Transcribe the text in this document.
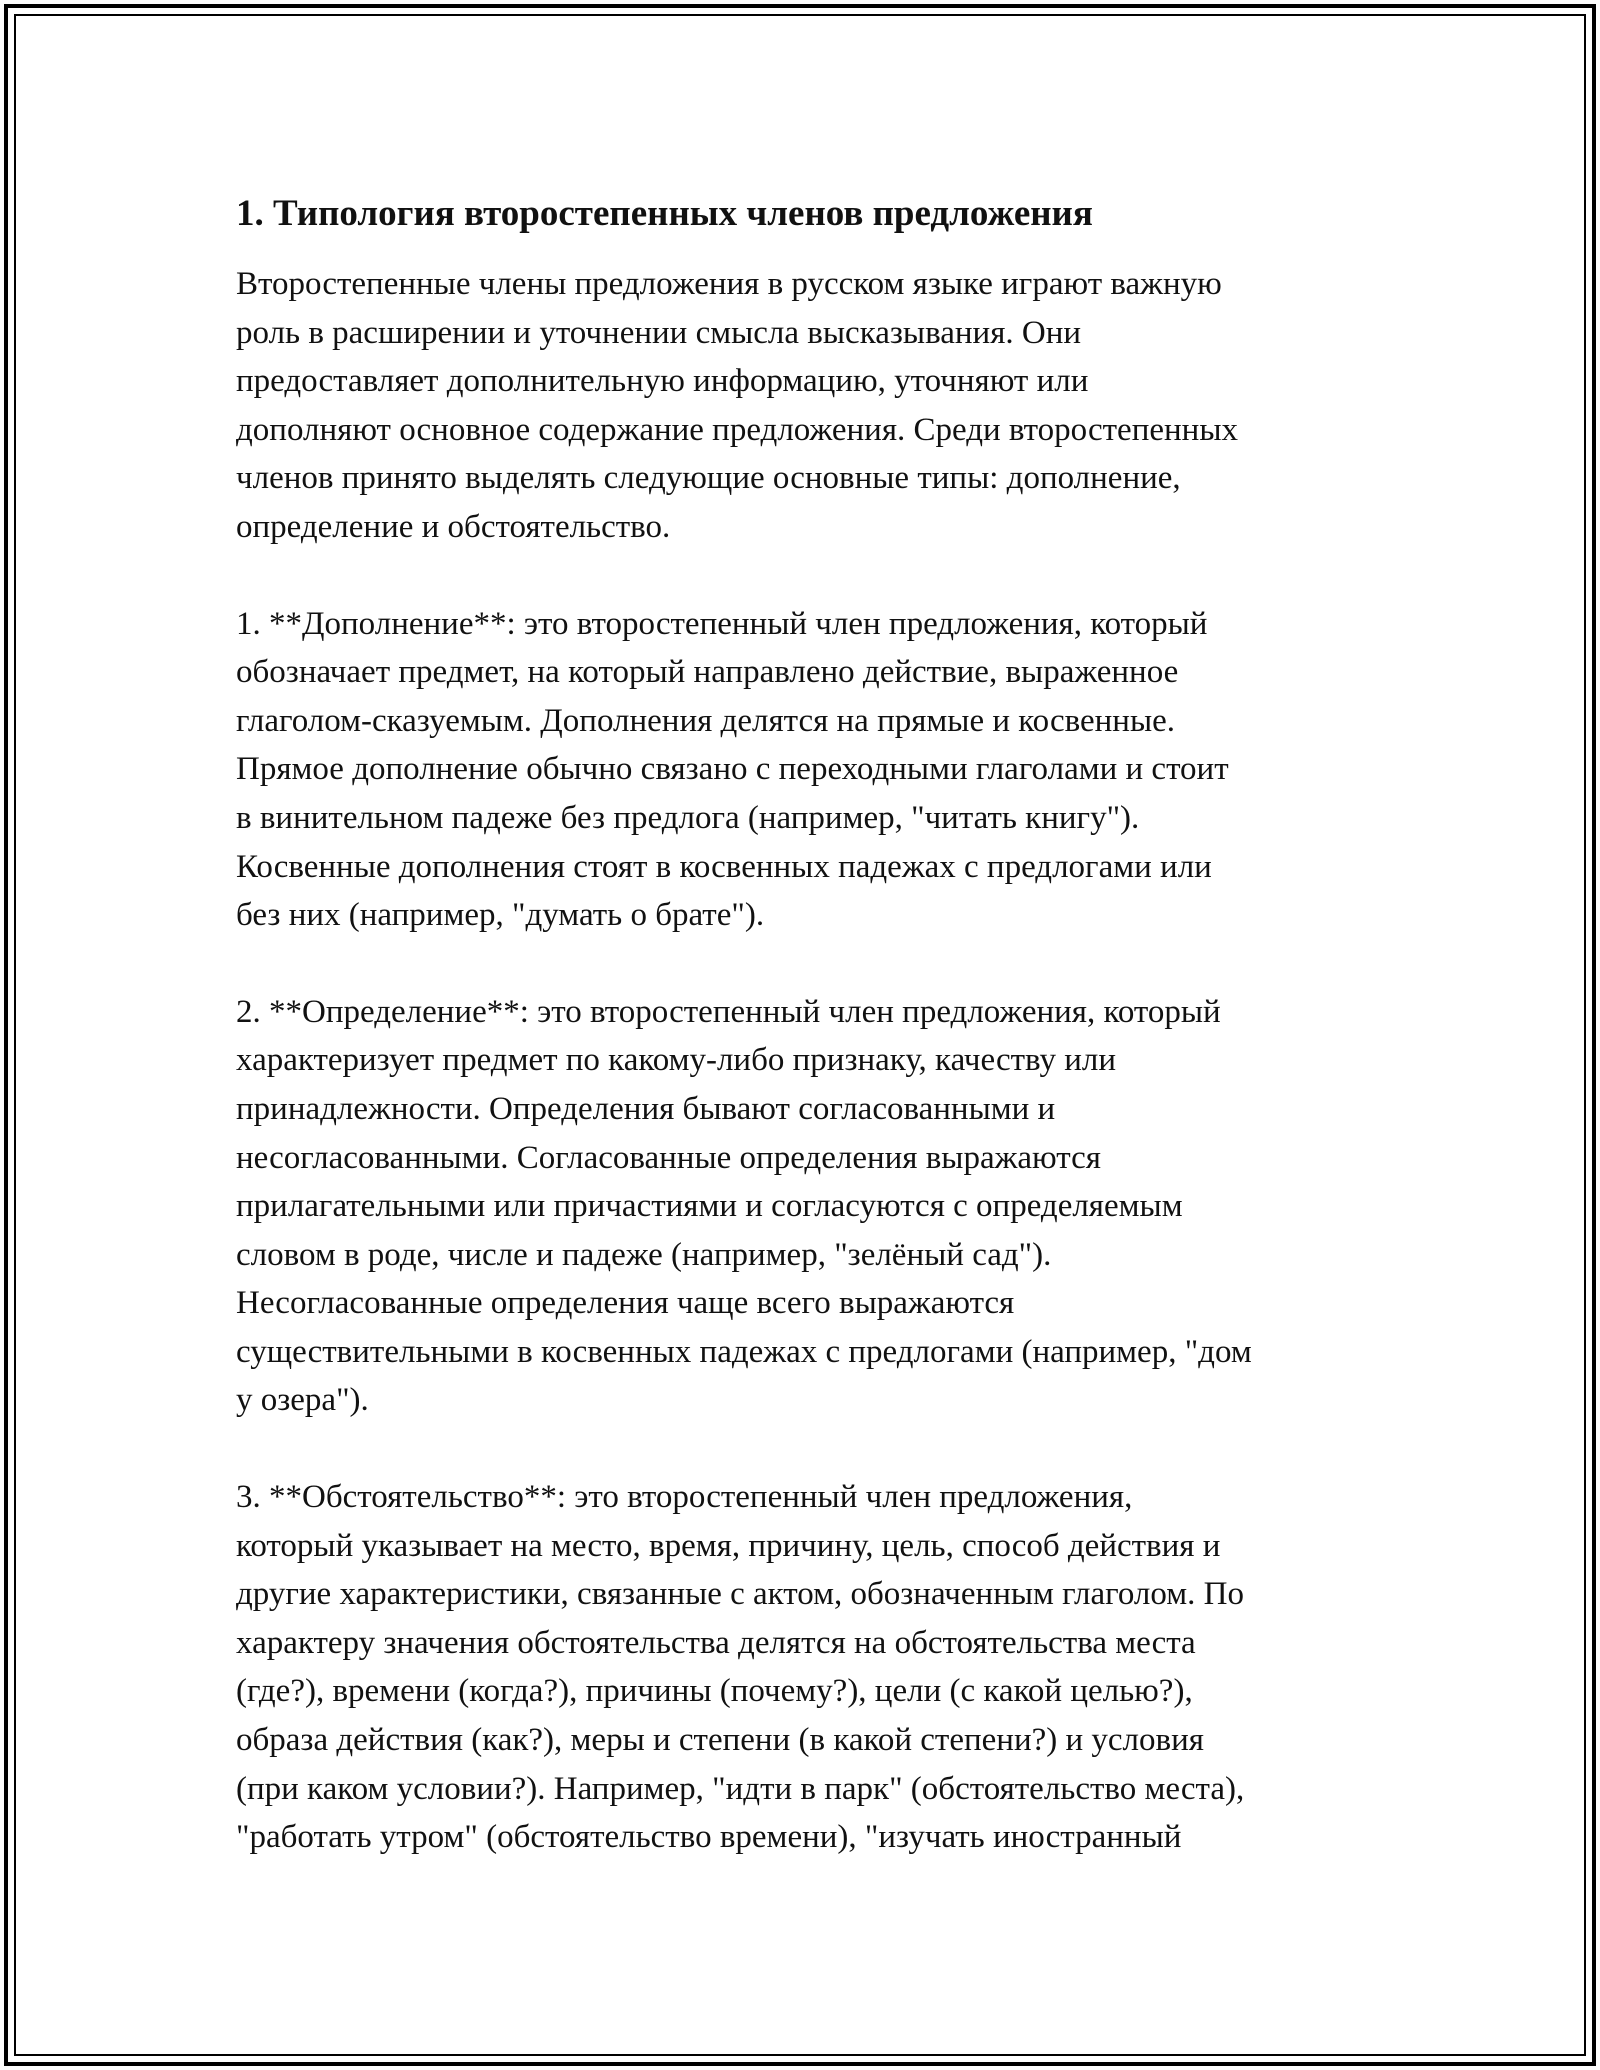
1. Типология второстепенных членов предложения

Второстепенные члены предложения в русском языке играют важную
роль в расширении и уточнении смысла высказывания. Они
предоставляет дополнительную информацию, уточняют или
дополняют основное содержание предложения. Среди второстепенных
членов принято выделять следующие основные типы: дополнение,
определение и обстоятельство.

1. **Дополнение**: это второстепенный член предложения, который
обозначает предмет, на который направлено действие, выраженное
глаголом-сказуемым. Дополнения делятся на прямые и косвенные.
Прямое дополнение обычно связано с переходными глаголами и стоит
в винительном падеже без предлога (например, "читать книгу").
Косвенные дополнения стоят в косвенных падежах с предлогами или
без них (например, "думать о брате").

2. **Определение**: это второстепенный член предложения, который
характеризует предмет по какому-либо признаку, качеству или
принадлежности. Определения бывают согласованными и
несогласованными. Согласованные определения выражаются
прилагательными или причастиями и согласуются с определяемым
словом в роде, числе и падеже (например, "зелёный сад").
Несогласованные определения чаще всего выражаются
существительными в косвенных падежах с предлогами (например, "дом
у озера").

3. **Обстоятельство**: это второстепенный член предложения,
который указывает на место, время, причину, цель, способ действия и
другие характеристики, связанные с актом, обозначенным глаголом. По
характеру значения обстоятельства делятся на обстоятельства места
(где?), времени (когда?), причины (почему?), цели (с какой целью?),
образа действия (как?), меры и степени (в какой степени?) и условия
(при каком условии?). Например, "идти в парк" (обстоятельство места),
"работать утром" (обстоятельство времени), "изучать иностранный
